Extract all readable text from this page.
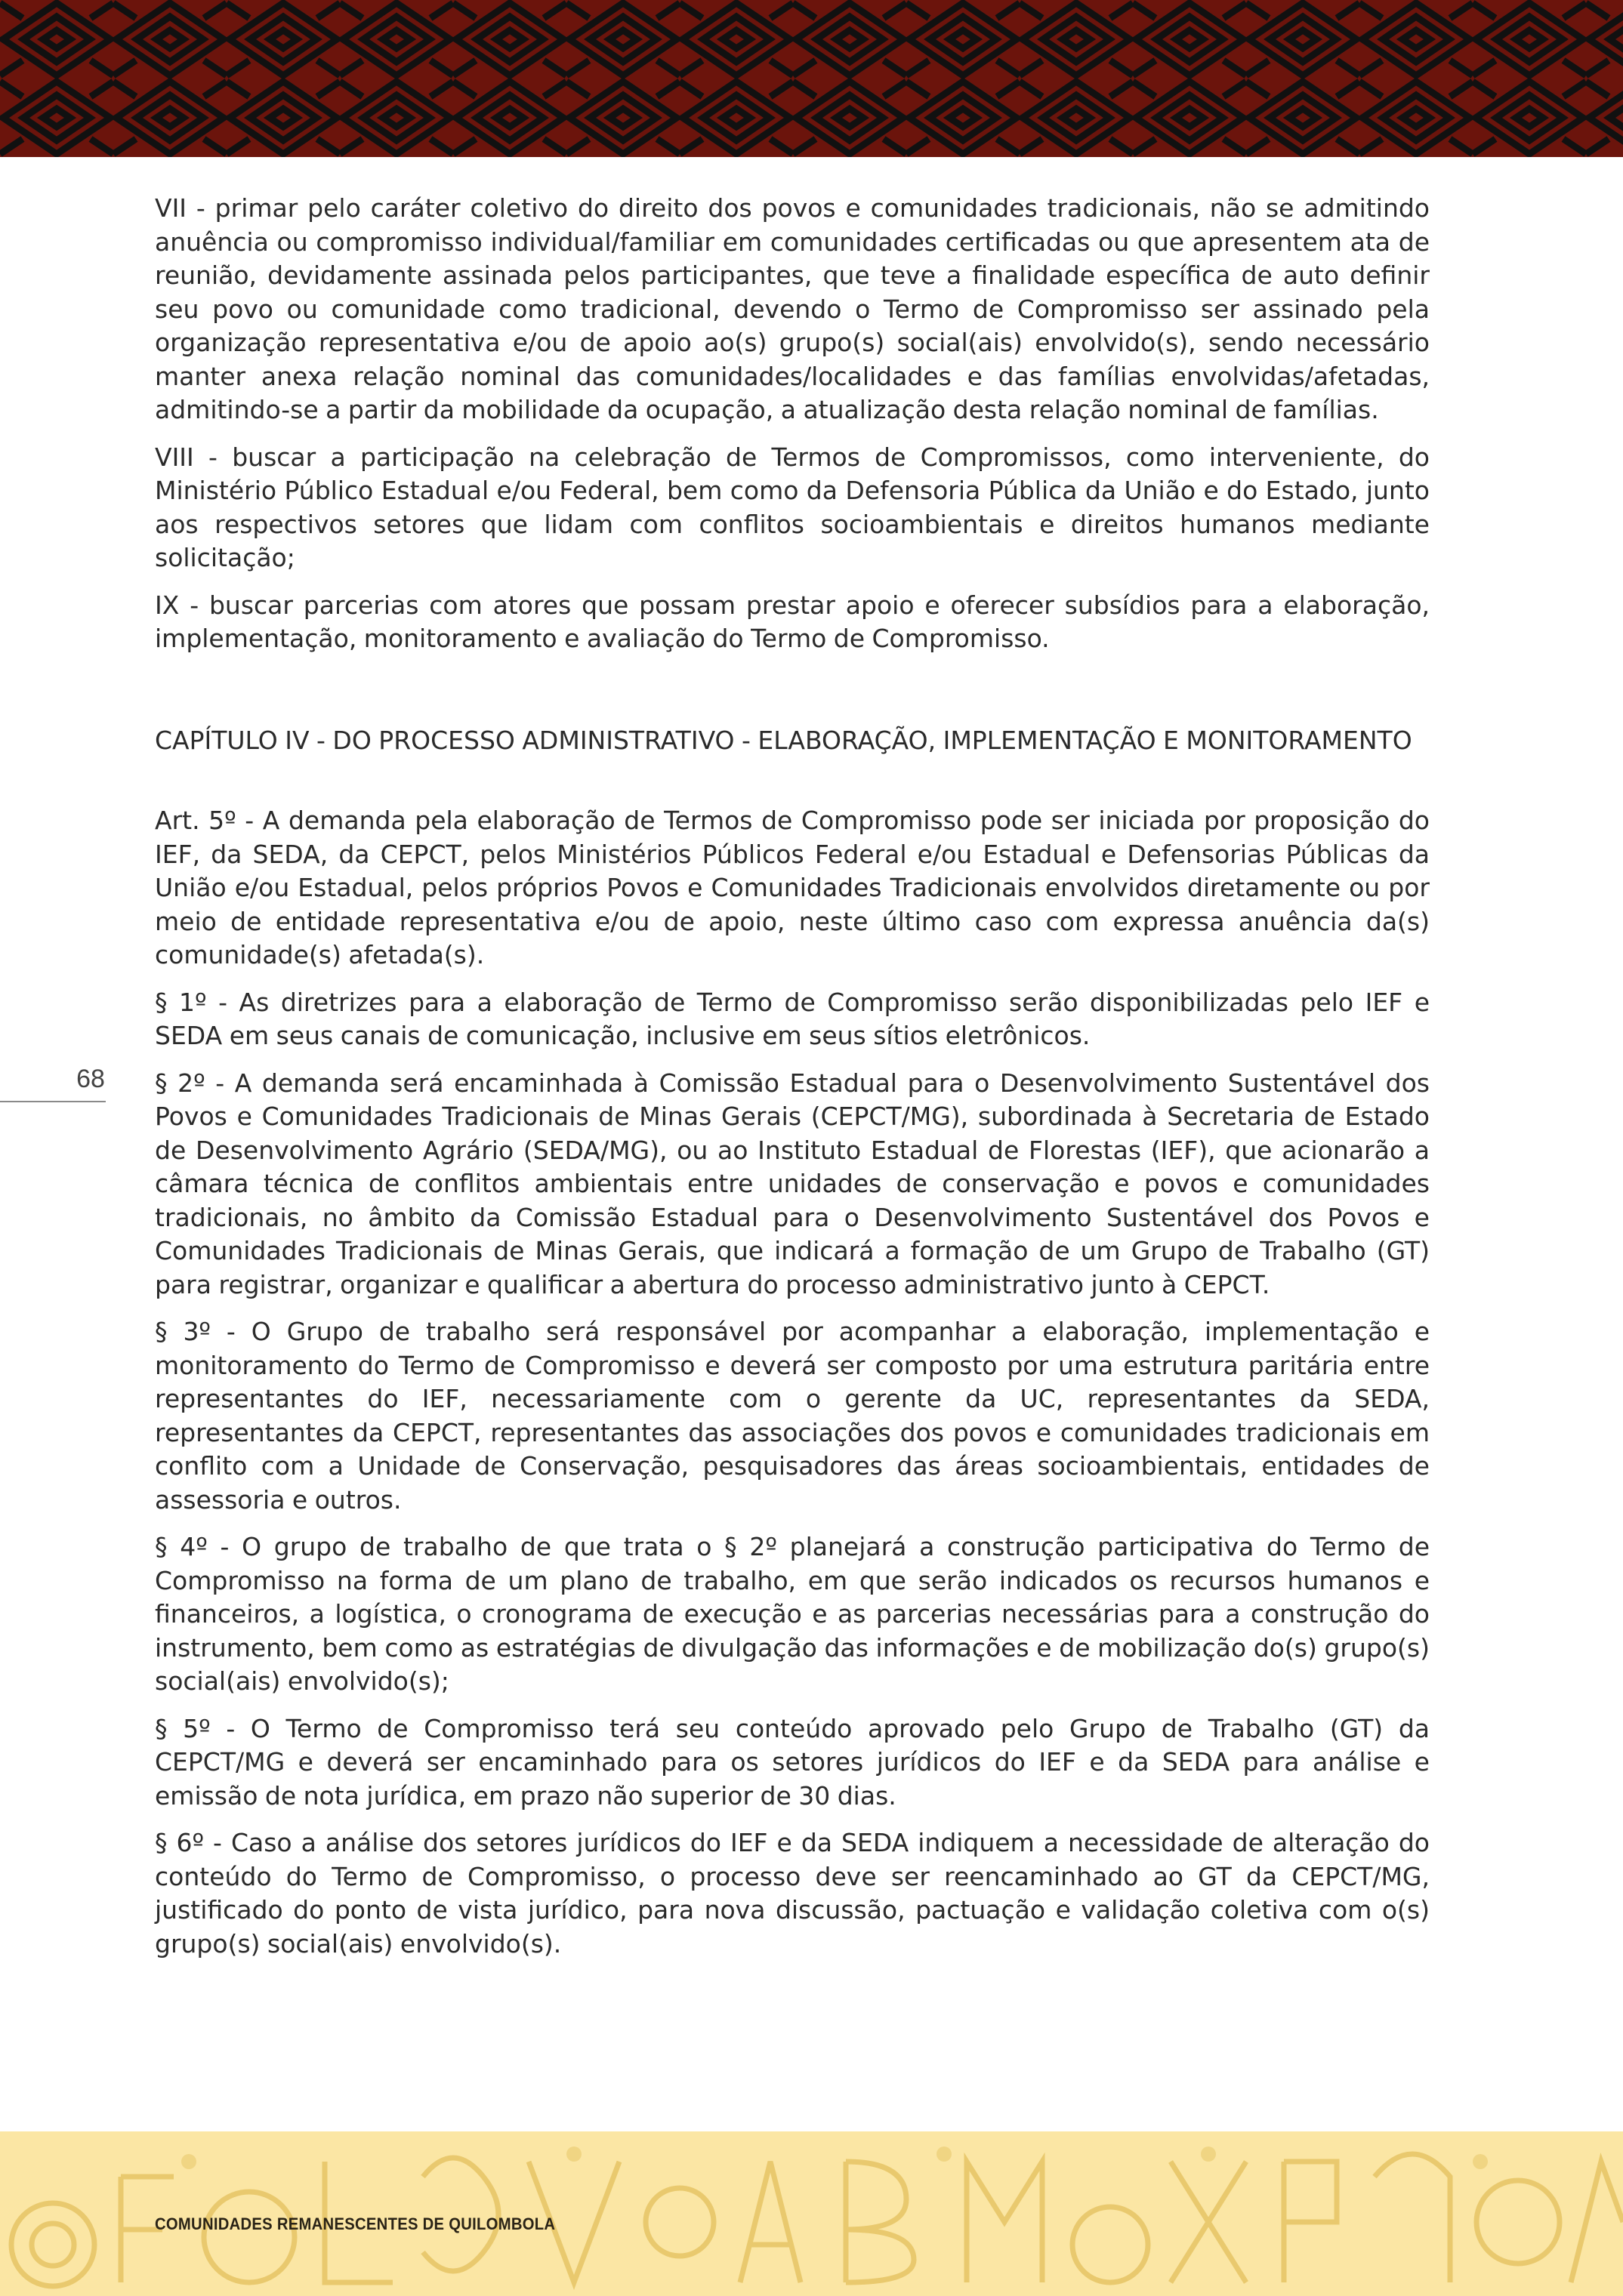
68

VII - primar pelo caráter coletivo do direito dos povos e comunidades tradicionais, não se admitindo anuência ou compromisso individual/familiar em comunidades certificadas ou que apresentem ata de reunião, devidamente assinada pelos participantes, que teve a finalidade específica de auto definir seu povo ou comunidade como tradicional, devendo o Termo de Compromisso ser assinado pela organização representativa e/ou de apoio ao(s) grupo(s) social(ais) envolvido(s), sendo necessário manter anexa relação nominal das comunidades/localidades e das famílias envolvidas/afetadas, admitindo-se a partir da mobilidade da ocupação, a atualização desta relação nominal de famílias.

VIII - buscar a participação na celebração de Termos de Compromissos, como interveniente, do Ministério Público Estadual e/ou Federal, bem como da Defensoria Pública da União e do Estado, junto aos respectivos setores que lidam com conflitos socioambientais e direitos humanos mediante solicitação;

IX - buscar parcerias com atores que possam prestar apoio e oferecer subsídios para a elaboração, implementação, monitoramento e avaliação do Termo de Compromisso.

CAPÍTULO IV - DO PROCESSO ADMINISTRATIVO - ELABORAÇÃO, IMPLEMENTAÇÃO E MONITORAMENTO

Art. 5º - A demanda pela elaboração de Termos de Compromisso pode ser iniciada por proposição do IEF, da SEDA, da CEPCT, pelos Ministérios Públicos Federal e/ou Estadual e Defensorias Públicas da União e/ou Estadual, pelos próprios Povos e Comunidades Tradicionais envolvidos diretamente ou por meio de entidade representativa e/ou de apoio, neste último caso com expressa anuência da(s) comunidade(s) afetada(s).

§ 1º - As diretrizes para a elaboração de Termo de Compromisso serão disponibilizadas pelo IEF e SEDA em seus canais de comunicação, inclusive em seus sítios eletrônicos.

§ 2º - A demanda será encaminhada à Comissão Estadual para o Desenvolvimento Sustentável dos Povos e Comunidades Tradicionais de Minas Gerais (CEPCT/MG), subordinada à Secretaria de Estado de Desenvolvimento Agrário (SEDA/MG), ou ao Instituto Estadual de Florestas (IEF), que acionarão a câmara técnica de conflitos ambientais entre unidades de conservação e povos e comunidades tradicionais, no âmbito da Comissão Estadual para o Desenvolvimento Sustentável dos Povos e Comunidades Tradicionais de Minas Gerais, que indicará a formação de um Grupo de Trabalho (GT) para registrar, organizar e qualificar a abertura do processo administrativo junto à CEPCT.

§ 3º - O Grupo de trabalho será responsável por acompanhar a elaboração, implementação e monitoramento do Termo de Compromisso e deverá ser composto por uma estrutura paritária entre representantes do IEF, necessariamente com o gerente da UC, representantes da SEDA, representantes da CEPCT, representantes das associações dos povos e comunidades tradicionais em conflito com a Unidade de Conservação, pesquisadores das áreas socioambientais, entidades de assessoria e outros.

§ 4º - O grupo de trabalho de que trata o § 2º planejará a construção participativa do Termo de Compromisso na forma de um plano de trabalho, em que serão indicados os recursos humanos e financeiros, a logística, o cronograma de execução e as parcerias necessárias para a construção do instrumento, bem como as estratégias de divulgação das informações e de mobilização do(s) grupo(s) social(ais) envolvido(s);

§ 5º - O Termo de Compromisso terá seu conteúdo aprovado pelo Grupo de Trabalho (GT) da CEPCT/MG e deverá ser encaminhado para os setores jurídicos do IEF e da SEDA para análise e emissão de nota jurídica, em prazo não superior de 30 dias.

§ 6º - Caso a análise dos setores jurídicos do IEF e da SEDA indiquem a necessidade de alteração do conteúdo do Termo de Compromisso, o processo deve ser reencaminhado ao GT da CEPCT/MG, justificado do ponto de vista jurídico, para nova discussão, pactuação e validação coletiva com o(s) grupo(s) social(ais) envolvido(s).

COMUNIDADES REMANESCENTES DE QUILOMBOLA
